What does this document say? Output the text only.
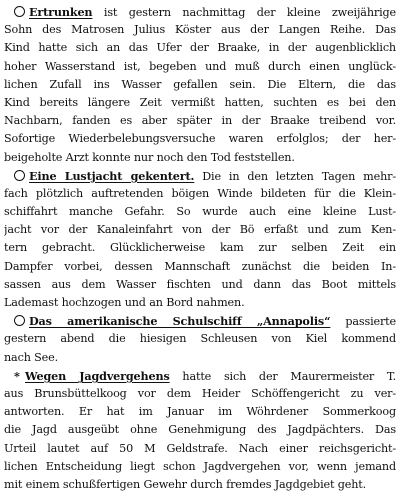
Ertrunken ist gestern nachmittag der kleine zweijährige
Sohn des Matrosen Julius Köster aus der Langen Reihe. Das
Kind hatte sich an das Ufer der Braake, in der augenblicklich
hoher Wasserstand ist, begeben und muß durch einen unglück-
lichen Zufall ins Wasser gefallen sein. Die Eltern, die das
Kind bereits längere Zeit vermißt hatten, suchten es bei den
Nachbarn, fanden es aber später in der Braake treibend vor.
Sofortige Wiederbelebungsversuche waren erfolglos; der her-
beigeholte Arzt konnte nur noch den Tod feststellen.
Eine Lustjacht gekentert. Die in den letzten Tagen mehr-
fach plötzlich auftretenden böigen Winde bildeten für die Klein-
schiffahrt manche Gefahr. So wurde auch eine kleine Lust-
jacht vor der Kanaleinfahrt von der Bö erfaßt und zum Ken-
tern gebracht. Glücklicherweise kam zur selben Zeit ein
Dampfer vorbei, dessen Mannschaft zunächst die beiden In-
sassen aus dem Wasser fischten und dann das Boot mittels
Lademast hochzogen und an Bord nahmen.
Das amerikanische Schulschiff „Annapolis“ passierte
gestern abend die hiesigen Schleusen von Kiel kommend
nach See.
* Wegen Jagdvergehens hatte sich der Maurermeister T.
aus Brunsbüttelkoog vor dem Heider Schöffengericht zu ver-
antworten. Er hat im Januar im Wöhrdener Sommerkoog
die Jagd ausgeübt ohne Genehmigung des Jagdpächters. Das
Urteil lautet auf 50 M Geldstrafe. Nach einer reichsgericht-
lichen Entscheidung liegt schon Jagdvergehen vor, wenn jemand
mit einem schußfertigen Gewehr durch fremdes Jagdgebiet geht.
